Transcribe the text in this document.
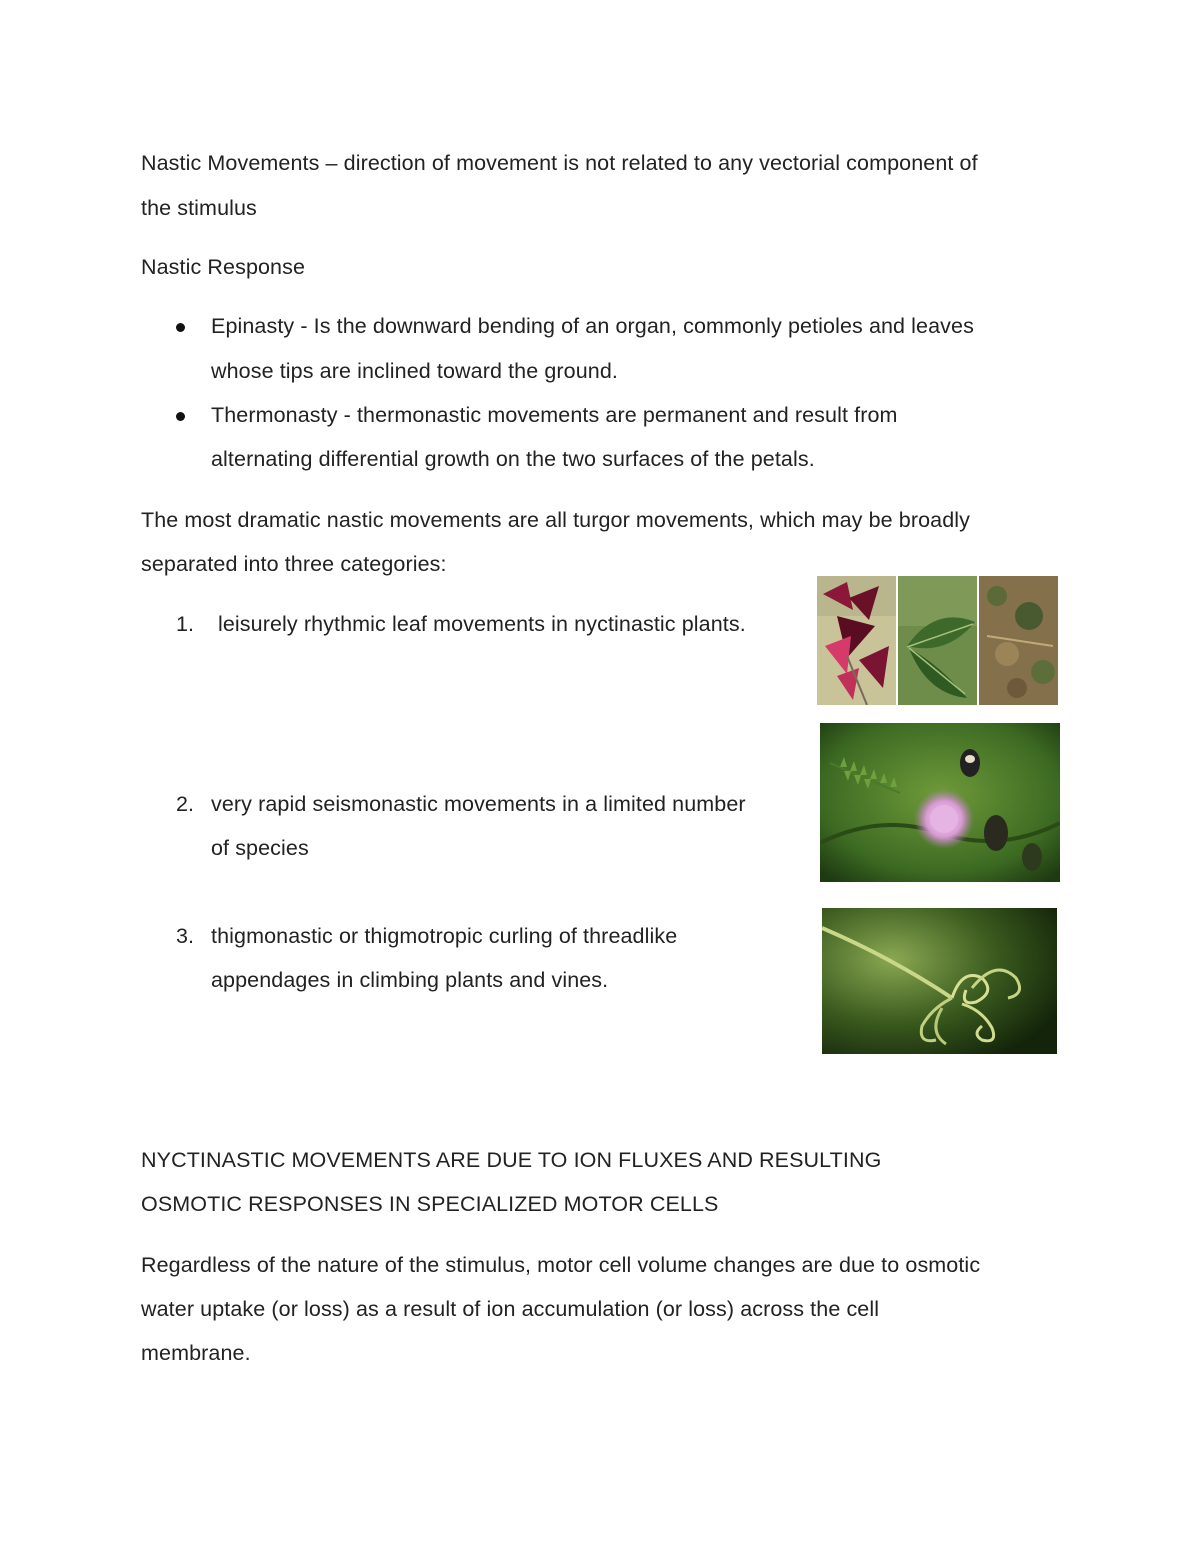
Nastic Movements – direction of movement is not related to any vectorial component of

the stimulus

Nastic Response

Epinasty - Is the downward bending of an organ, commonly petioles and leaves

whose tips are inclined toward the ground.

Thermonasty - thermonastic movements are permanent and result from

alternating differential growth on the two surfaces of the petals.

The most dramatic nastic movements are all turgor movements, which may be broadly

separated into three categories:

1. leisurely rhythmic leaf movements in nyctinastic plants.

2. very rapid seismonastic movements in a limited number

of species

3. thigmonastic or thigmotropic curling of threadlike

appendages in climbing plants and vines.

NYCTINASTIC MOVEMENTS ARE DUE TO ION FLUXES AND RESULTING

OSMOTIC RESPONSES IN SPECIALIZED MOTOR CELLS

Regardless of the nature of the stimulus, motor cell volume changes are due to osmotic

water uptake (or loss) as a result of ion accumulation (or loss) across the cell

membrane.
